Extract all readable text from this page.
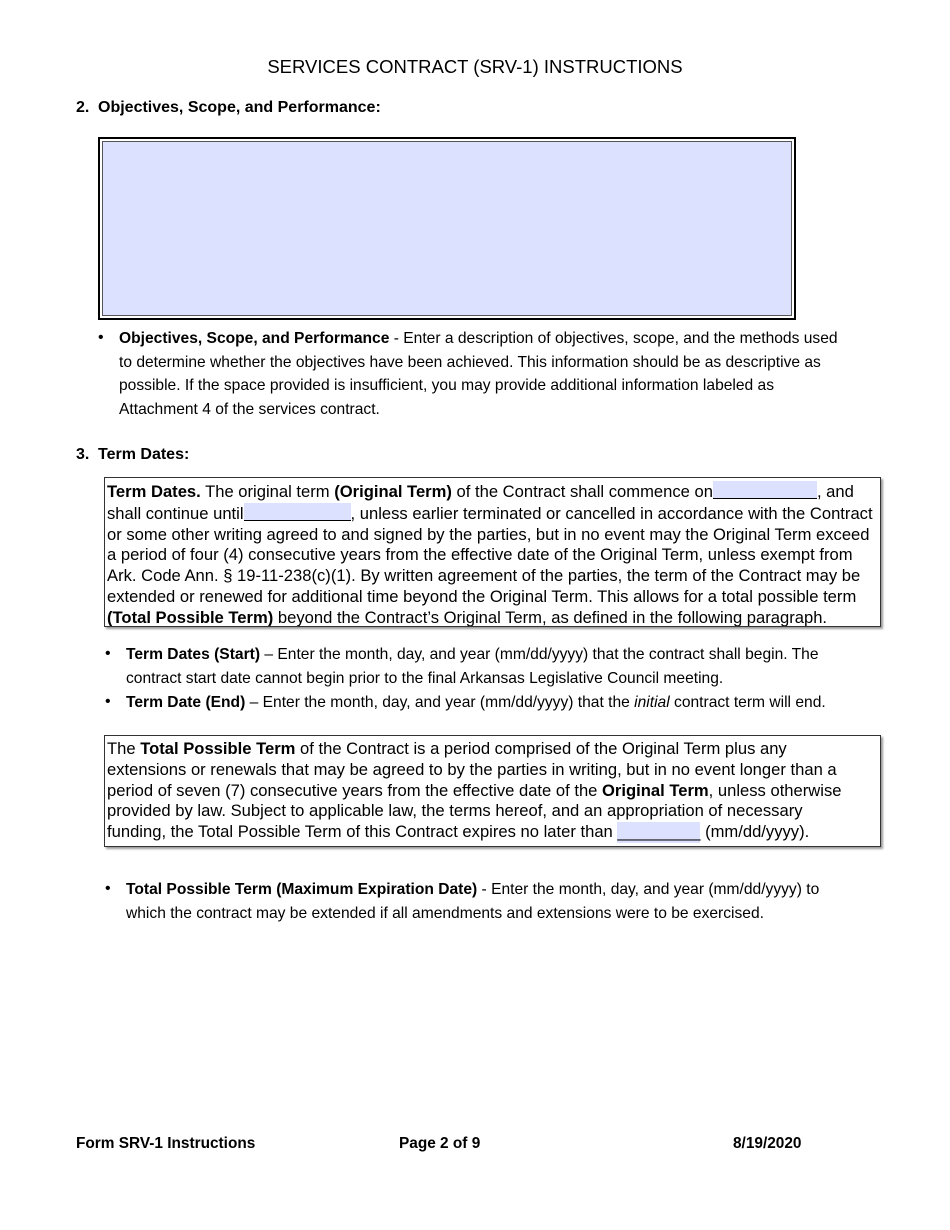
SERVICES CONTRACT (SRV-1) INSTRUCTIONS
2. Objectives, Scope, and Performance:
• Objectives, Scope, and Performance - Enter a description of objectives, scope, and the methods used
to determine whether the objectives have been achieved. This information should be as descriptive as
possible. If the space provided is insufficient, you may provide additional information labeled as
Attachment 4 of the services contract.
3. Term Dates:
Term Dates. The original term (Original Term) of the Contract shall commence on	, and
shall continue until	, unless earlier terminated or cancelled in accordance with the Contract
or some other writing agreed to and signed by the parties, but in no event may the Original Term exceed
a period of four (4) consecutive years from the effective date of the Original Term, unless exempt from
Ark. Code Ann. § 19-11-238(c)(1). By written agreement of the parties, the term of the Contract may be
extended or renewed for additional time beyond the Original Term. This allows for a total possible term
(Total Possible Term) beyond the Contract’s Original Term, as defined in the following paragraph.
• Term Dates (Start) – Enter the month, day, and year (mm/dd/yyyy) that the contract shall begin. The
contract start date cannot begin prior to the final Arkansas Legislative Council meeting.
• Term Date (End) – Enter the month, day, and year (mm/dd/yyyy) that the initial contract term will end.
The Total Possible Term of the Contract is a period comprised of the Original Term plus any
extensions or renewals that may be agreed to by the parties in writing, but in no event longer than a
period of seven (7) consecutive years from the effective date of the Original Term, unless otherwise
provided by law. Subject to applicable law, the terms hereof, and an appropriation of necessary
funding, the Total Possible Term of this Contract expires no later than _________ (mm/dd/yyyy).
• Total Possible Term (Maximum Expiration Date) - Enter the month, day, and year (mm/dd/yyyy) to
which the contract may be extended if all amendments and extensions were to be exercised.
Form SRV-1 Instructions	Page 2 of 9	8/19/2020
